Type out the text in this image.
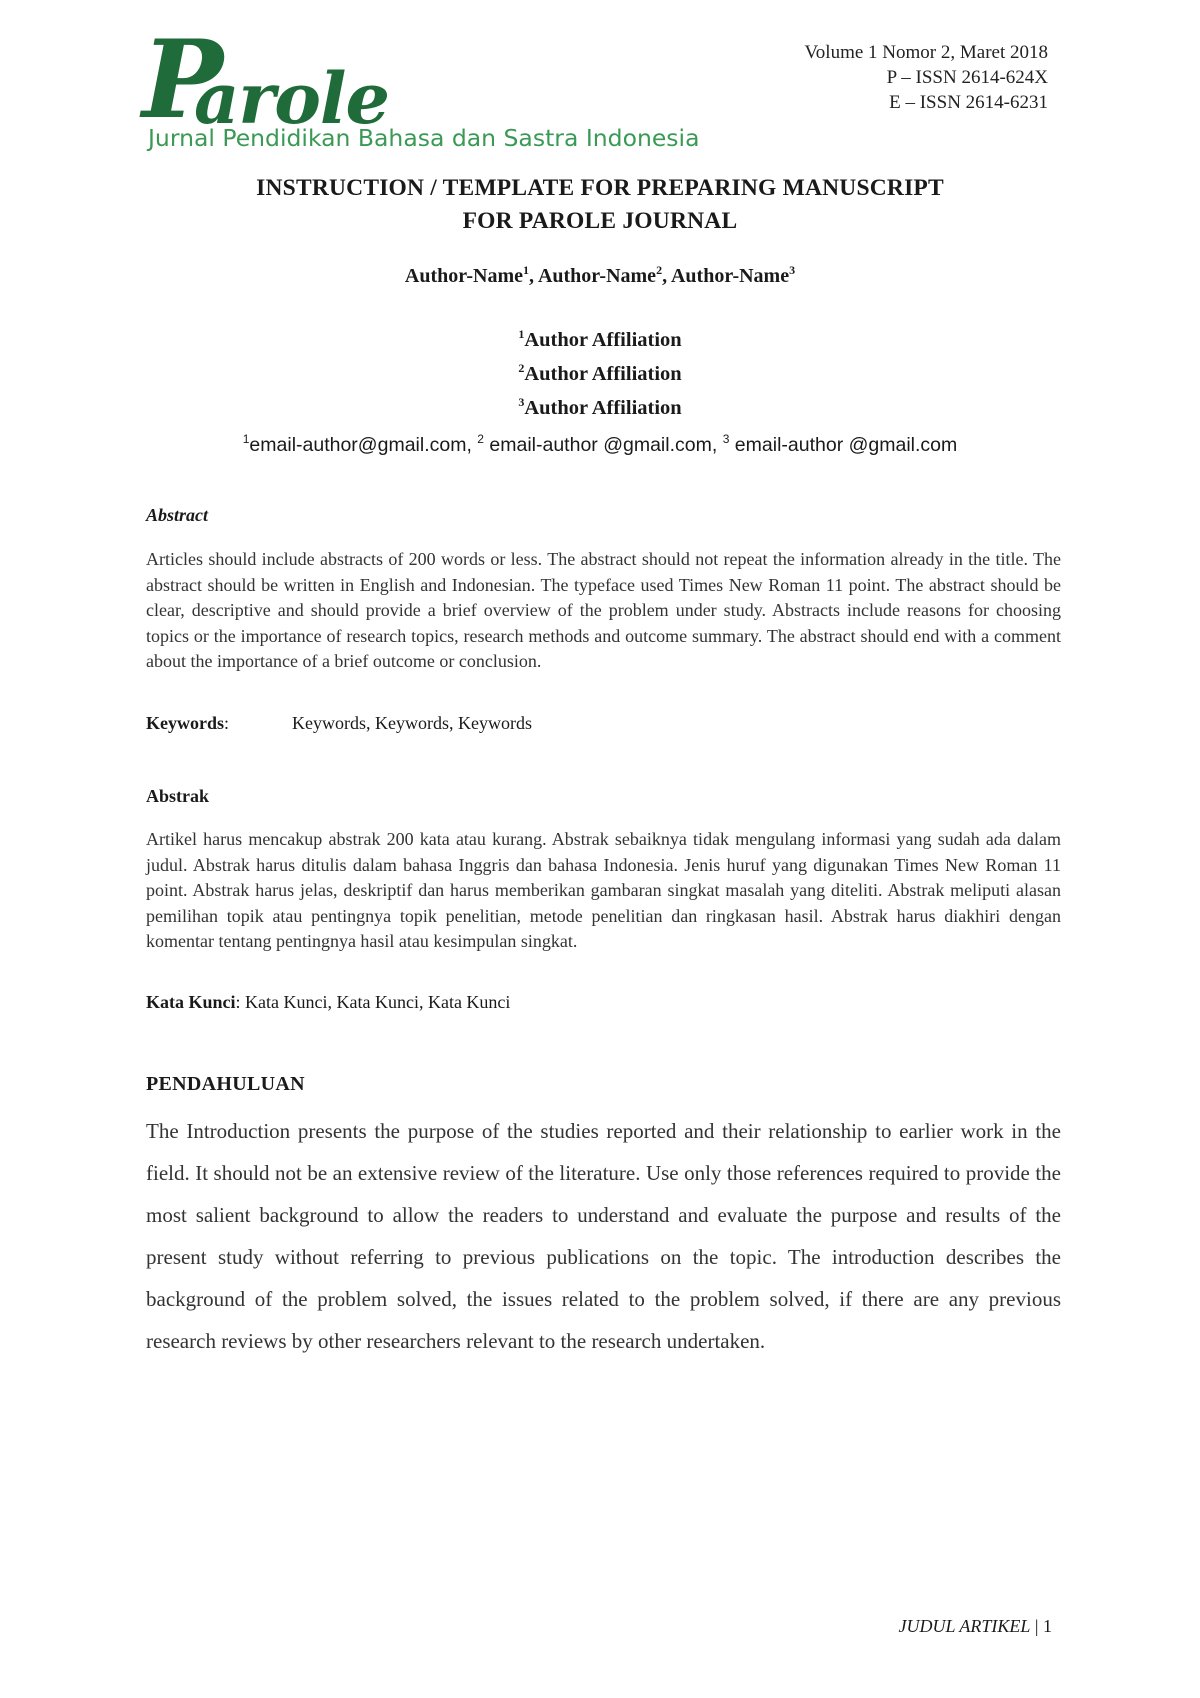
P
arole
Jurnal Pendidikan Bahasa dan Sastra Indonesia
Volume 1 Nomor 2, Maret 2018
P – ISSN 2614-624X
E – ISSN 2614-6231
INSTRUCTION / TEMPLATE FOR PREPARING MANUSCRIPT
FOR PAROLE JOURNAL
Author-Name$^1$, Author-Name$^2$, Author-Name$^3$
$^1$Author Affiliation
$^2$Author Affiliation
$^3$Author Affiliation
$^1$email-author@gmail.com, $^2$ email-author @gmail.com, $^3$ email-author @gmail.com
Abstract
Articles should include abstracts of 200 words or less. The abstract should not repeat the information already in the title. The abstract should be written in English and Indonesian. The typeface used Times New Roman 11 point. The abstract should be clear, descriptive and should provide a brief overview of the problem under study. Abstracts include reasons for choosing topics or the importance of research topics, research methods and outcome summary. The abstract should end with a comment about the importance of a brief outcome or conclusion.
Keywords:	Keywords, Keywords, Keywords
Abstrak
Artikel harus mencakup abstrak 200 kata atau kurang. Abstrak sebaiknya tidak mengulang informasi yang sudah ada dalam judul. Abstrak harus ditulis dalam bahasa Inggris dan bahasa Indonesia. Jenis huruf yang digunakan Times New Roman 11 point. Abstrak harus jelas, deskriptif dan harus memberikan gambaran singkat masalah yang diteliti. Abstrak meliputi alasan pemilihan topik atau pentingnya topik penelitian, metode penelitian dan ringkasan hasil. Abstrak harus diakhiri dengan komentar tentang pentingnya hasil atau kesimpulan singkat.
Kata Kunci: Kata Kunci, Kata Kunci, Kata Kunci
PENDAHULUAN
The Introduction presents the purpose of the studies reported and their relationship to earlier work in the field. It should not be an extensive review of the literature. Use only those references required to provide the most salient background to allow the readers to understand and evaluate the purpose and results of the present study without referring to previous publications on the topic. The introduction describes the background of the problem solved, the issues related to the problem solved, if there are any previous research reviews by other researchers relevant to the research undertaken.
JUDUL ARTIKEL | 1
